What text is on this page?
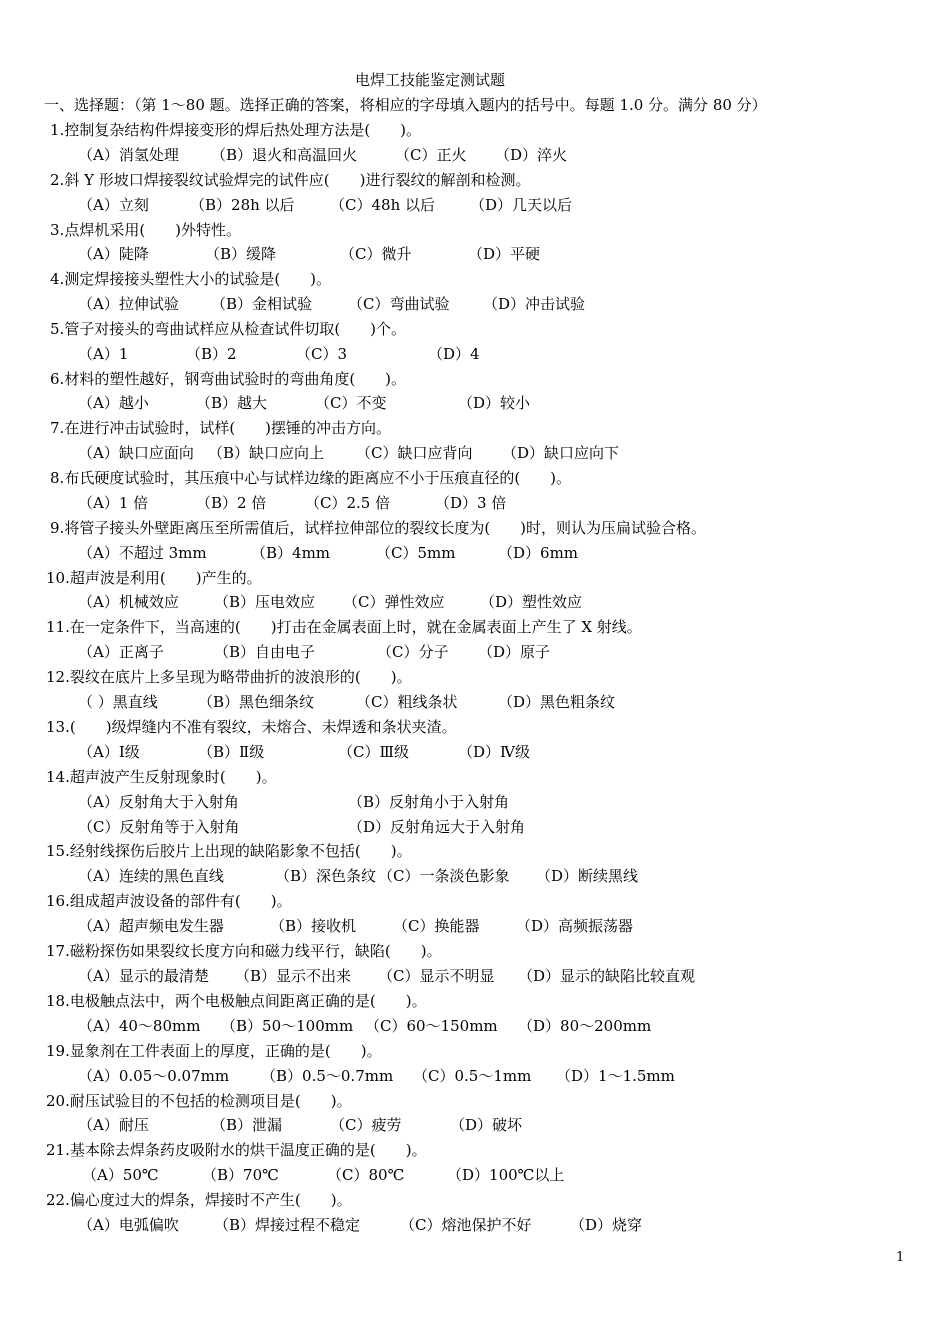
电焊工技能鉴定测试题
一、选择题：（第 1～80 题。选择正确的答案，将相应的字母填入题内的括号中。每题 1.0 分。满分 80 分）
1.控制复杂结构件焊接变形的焊后热处理方法是(　　)。
（A）消氢处理 （B）退火和高温回火	（C）正火 （D）淬火
2.斜 Y 形坡口焊接裂纹试验焊完的试件应(　　)进行裂纹的解剖和检测。
（A）立刻	（B）28h 以后 （C）48h 以后 （D）几天以后
3.点焊机采用(　　)外特性。
（A）陡降	（B）缓降	（C）微升	（D）平硬
4.测定焊接接头塑性大小的试验是(　　)。
（A）拉伸试验 （B）金相试验 （C）弯曲试验 （D）冲击试验
5.管子对接头的弯曲试样应从检查试件切取(　　)个。
（A）1	（B）2	（C）3	（D）4
6.材料的塑性越好，钢弯曲试验时的弯曲角度(　　)。
（A）越小	（B）越大	（C）不变	（D）较小
7.在进行冲击试验时，试样(　　)摆锤的冲击方向。
（A）缺口应面向 （B）缺口应向上 （C）缺口应背向 （D）缺口应向下
8.布氏硬度试验时，其压痕中心与试样边缘的距离应不小于压痕直径的(　　)。
（A）1 倍	（B）2 倍	（C）2.5 倍	（D）3 倍
9.将管子接头外壁距离压至所需值后，试样拉伸部位的裂纹长度为(　　)时，则认为压扁试验合格。
（A）不超过 3mm	（B）4mm	（C）5mm	（D）6mm
10.超声波是利用(　　)产生的。
（A）机械效应 （B）压电效应 （C）弹性效应 （D）塑性效应
11.在一定条件下，当高速的(　　)打击在金属表面上时，就在金属表面上产生了 X 射线。
（A）正离子	（B）自由电子	（C）分子 （D）原子
12.裂纹在底片上多呈现为略带曲折的波浪形的(　　)。
（ ）黑直线	（B）黑色细条纹	（C）粗线条状	（D）黑色粗条纹
13.(　　)级焊缝内不准有裂纹，未熔合、未焊透和条状夹渣。
（A）Ⅰ级	（B）Ⅱ级	（C）Ⅲ级	（D）Ⅳ级
14.超声波产生反射现象时(　　)。
（A）反射角大于入射角	（B）反射角小于入射角
（C）反射角等于入射角	（D）反射角远大于入射角
15.经射线探伤后胶片上出现的缺陷影象不包括(　　)。
（A）连续的黑色直线	（B）深色条纹 （C）一条淡色影象 （D）断续黑线
16.组成超声波设备的部件有(　　)。
（A）超声频电发生器	（B）接收机 （C）换能器 （D）高频振荡器
17.磁粉探伤如果裂纹长度方向和磁力线平行，缺陷(　　)。
（A）显示的最清楚 （B）显示不出来 （C）显示不明显 （D）显示的缺陷比较直观
18.电极触点法中，两个电极触点间距离正确的是(　　)。
（A）40～80mm （B）50～100mm （C）60～150mm （D）80～200mm
19.显象剂在工件表面上的厚度，正确的是(　　)。
（A）0.05～0.07mm （B）0.5～0.7mm （C）0.5～1mm （D）1～1.5mm
20.耐压试验目的不包括的检测项目是(　　)。
（A）耐压	（B）泄漏	（C）疲劳	（D）破坏
21.基本除去焊条药皮吸附水的烘干温度正确的是(　　)。
（A）50℃	（B）70℃	（C）80℃	（D）100℃以上
22.偏心度过大的焊条，焊接时不产生(　　)。
（A）电弧偏吹 （B）焊接过程不稳定	（C）熔池保护不好	（D）烧穿
1
